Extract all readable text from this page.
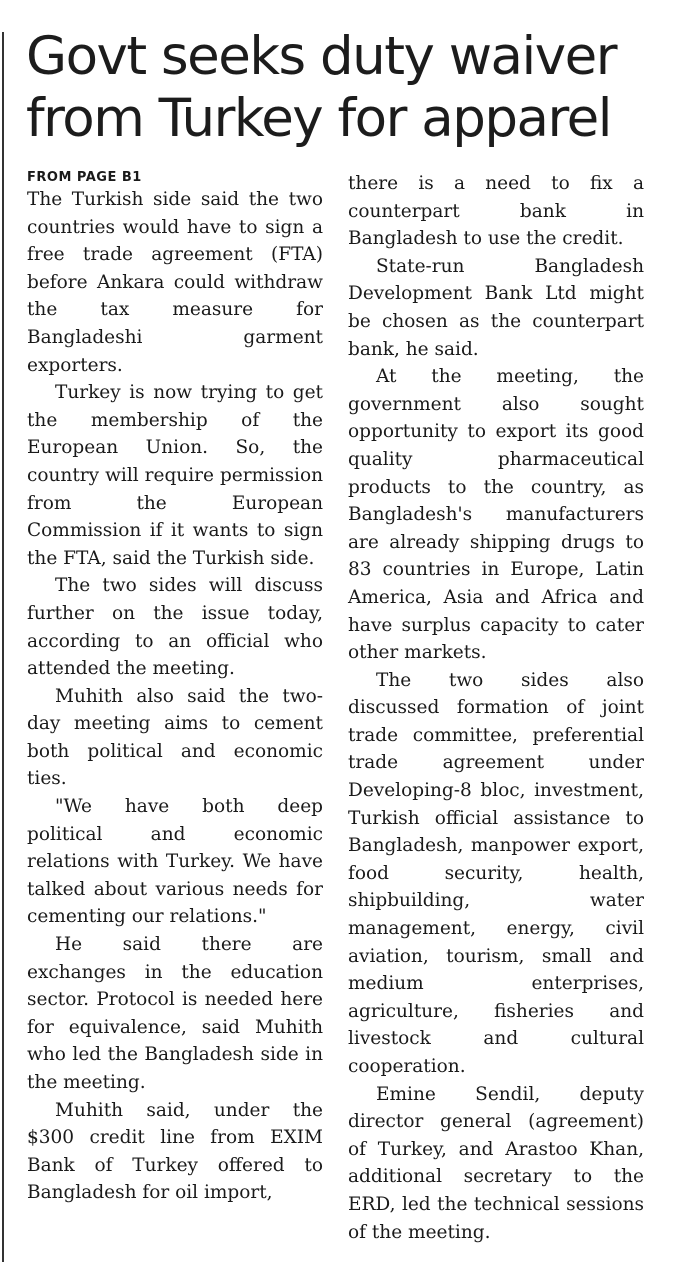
Govt seeks duty waiver
from Turkey for apparel
FROM PAGE B1

The Turkish side said the two countries would have to sign a free trade agreement (FTA) before Ankara could withdraw the tax measure for Bangladeshi garment exporters.

Turkey is now trying to get the membership of the European Union. So, the country will require permission from the European Commission if it wants to sign the FTA, said the Turkish side.

The two sides will discuss further on the issue today, according to an official who attended the meeting.

Muhith also said the two-day meeting aims to cement both political and economic ties.

"We have both deep political and economic relations with Turkey. We have talked about various needs for cementing our relations."

He said there are exchanges in the education sector. Protocol is needed here for equivalence, said Muhith who led the Bangladesh side in the meeting.

Muhith said, under the $300 credit line from EXIM Bank of Turkey offered to Bangladesh for oil import,

there is a need to fix a counterpart bank in Bangladesh to use the credit.

State-run Bangladesh Development Bank Ltd might be chosen as the counterpart bank, he said.

At the meeting, the government also sought opportunity to export its good quality pharmaceutical products to the country, as Bangladesh's manufacturers are already shipping drugs to 83 countries in Europe, Latin America, Asia and Africa and have surplus capacity to cater other markets.

The two sides also discussed formation of joint trade committee, preferential trade agreement under Developing-8 bloc, investment, Turkish official assistance to Bangladesh, manpower export, food security, health, shipbuilding, water management, energy, civil aviation, tourism, small and medium enterprises, agriculture, fisheries and livestock and cultural cooperation.

Emine Sendil, deputy director general (agreement) of Turkey, and Arastoo Khan, additional secretary to the ERD, led the technical sessions of the meeting.
